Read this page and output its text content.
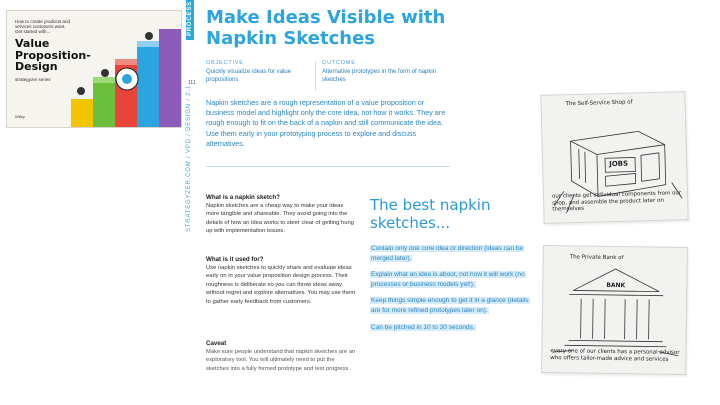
How to create products and services customers want. Get started with...
Value Proposition-Design
strategyzer series
Wiley
PROCESS
111
STRATEGYZER.COM / VPD / DESIGN / 2.1
Make Ideas Visible with Napkin Sketches
OBJECTIVE
Quickly visualize ideas for value propositions
OUTCOME
Alternative prototypes in the form of napkin sketches
Napkin sketches are a rough representation of a value proposition or business model and highlight only the core idea, not how it works. They are rough enough to fit on the back of a napkin and still communicate the idea. Use them early in your prototyping process to explore and discuss alternatives.
What is a napkin sketch?
Napkin sketches are a cheap way to make your ideas more tangible and shareable. They avoid going into the details of how an idea works to steer clear of getting hung up with implementation issues.
What is it used for?
Use napkin sketches to quickly share and evaluate ideas early on in your value proposition design process. Their roughness is deliberate so you can throw ideas away without regret and explore alternatives. You may use them to gather early feedback from customers.
Caveat
Make sure people understand that napkin sketches are an exploratory tool. You will ultimately need to put the sketches into a fully formed prototype and test progress.
The best napkin sketches...
Contain only one core idea or direction (ideas can be merged later).
Explain what an idea is about, not how it will work (no processes or business models yet!).
Keep things simple enough to get it in a glance (details are for more refined prototypes later on).
Can be pitched in 10 to 30 seconds.
The Self-Service Shop of
JOBS
our clients get individual components from our shop, and assemble the product later on themselves
The Private Bank of
BANK
every one of our clients has a personal advisor who offers tailor-made advice and services
